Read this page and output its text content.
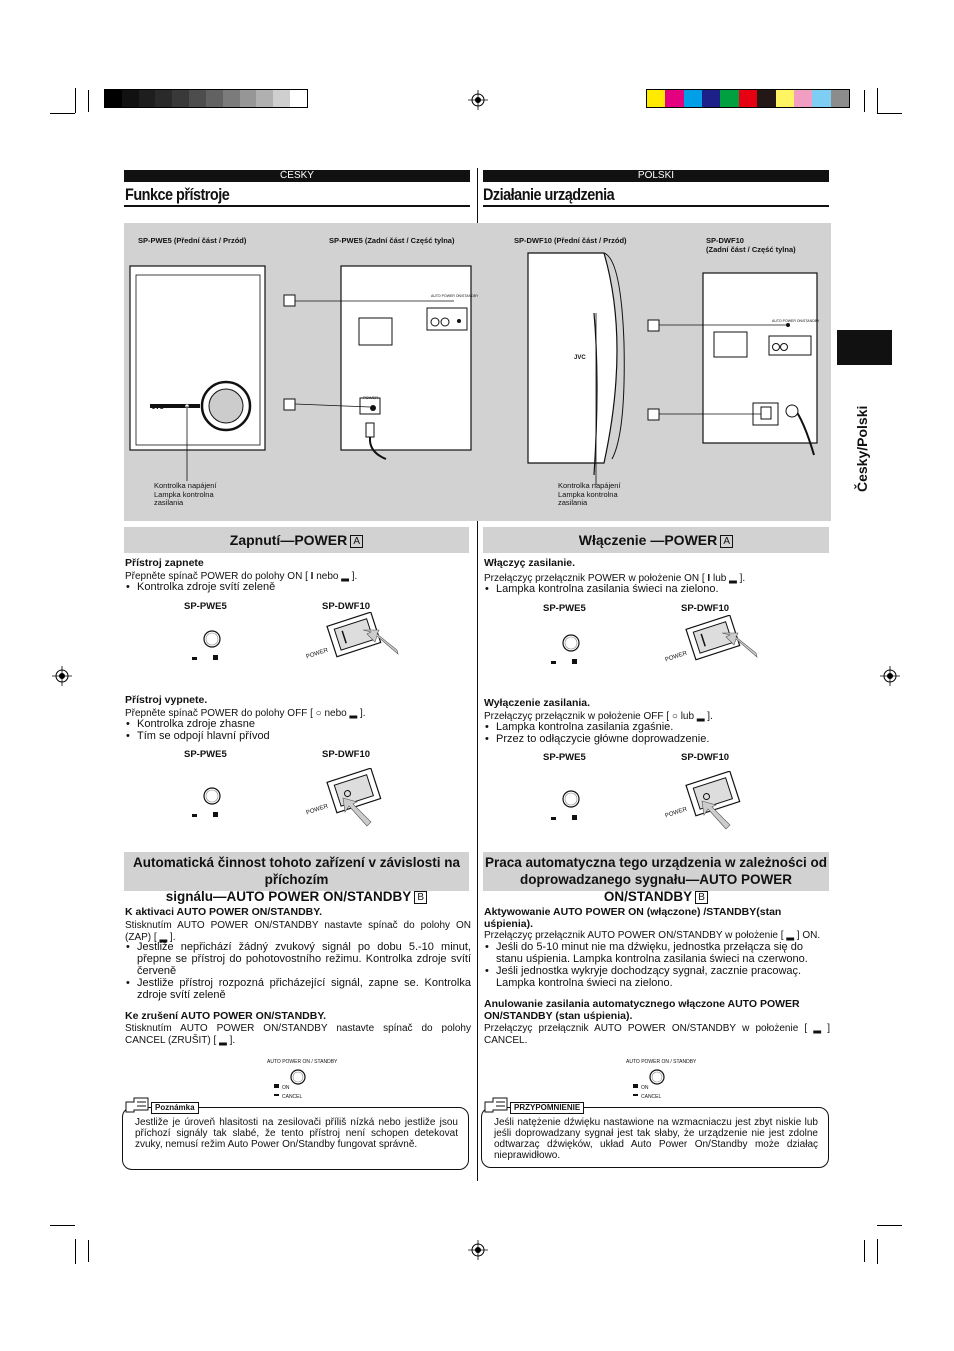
ČESKY	POLSKI
Funkce přístroje	Działanie urządzenia
Česky/Polski
SP-PWE5 (Přední část / Przód)	SP-PWE5 (Zadní část / Część tylna)	SP-DWF10 (Přední část / Przód)	SP-DWF10
(Zadní část / Część tylna)
JVC
JVC
AUTO POWER ON/STANDBY
AUTO POWER ON/STANDBY
POWER
Kontrolka napájení
Lampka kontrolna
zasilania
Kontrolka napájení
Lampka kontrolna
zasilania
Zapnutí—POWER A	Włączenie —POWER A
Přístroj zapnete
Přepněte spínač POWER do polohy ON [ I nebo ▂ ].
• Kontrolka zdroje svítí zeleně
SP-PWE5	SP-DWF10
Włączyç zasilanie.
Przełączyç przełącznik POWER w położenie ON [ I lub ▂ ].
• Lampka kontrolna zasilania świeci na zielono.
SP-PWE5	SP-DWF10
Přístroj vypnete.
Přepněte spínač POWER do polohy OFF [ ○ nebo ▂ ].
• Kontrolka zdroje zhasne
• Tím se odpojí hlavní přívod
SP-PWE5	SP-DWF10
Wyłączenie zasilania.
Przełączyç przełącznik w położenie OFF [ ○ lub ▂ ].
• Lampka kontrolna zasilania zgaśnie.
• Przez to odłączycie główne doprowadzenie.
SP-PWE5	SP-DWF10
POWER
POWER
POWER
POWER
Automatická činnost tohoto zařízení v závislosti na příchozím
signálu—AUTO POWER ON/STANDBY B
Praca automatyczna tego urządzenia w zależności od
doprowadzanego sygnału—AUTO POWER ON/STANDBY B
K aktivaci AUTO POWER ON/STANDBY.
Stisknutím AUTO POWER ON/STANDBY nastavte spínač do polohy ON (ZAP) [ ▂ ].
• Jestliže nepřichází žádný zvukový signál po dobu 5.-10 minut, přepne se přístroj do pohotovostního režimu. Kontrolka zdroje svítí červeně
• Jestliže přístroj rozpozná přicházející signál, zapne se. Kontrolka zdroje svítí zeleně
Ke zrušení AUTO POWER ON/STANDBY.
Stisknutím AUTO POWER ON/STANDBY nastavte spínač do polohy CANCEL (ZRUŠIT) [ ▂ ].
Aktywowanie AUTO POWER ON (włączone) /STANDBY(stan uśpienia).
Przełączyç przełącznik AUTO POWER ON/STANDBY w położenie [ ▂ ] ON.
• Jeśli do 5-10 minut nie ma dźwięku, jednostka przełącza się do stanu uśpienia. Lampka kontrolna zasilania świeci na czerwono.
• Jeśli jednostka wykryje dochodzący sygnał, zacznie pracowaç. Lampka kontrolna świeci na zielono.
Anulowanie zasilania automatycznego włączone AUTO POWER ON/STANDBY (stan uśpienia).
Przełączyç przełącznik AUTO POWER ON/STANDBY w położenie [ ▂ ] CANCEL.
AUTO POWER ON / STANDBY
ON
CANCEL
AUTO POWER ON / STANDBY
ON
CANCEL
Jestliže je úroveň hlasitosti na zesilovači příliš nízká nebo jestliže jsou příchozí signály tak slabé, že tento přístroj není schopen detekovat zvuky, nemusí režim Auto Power On/Standby fungovat správně.
Poznámka
Jeśli natężenie dźwięku nastawione na wzmacniaczu jest zbyt niskie lub jeśli doprowadzany sygnał jest tak słaby, że urządzenie nie jest zdolne odtwarzaç dźwięków, układ Auto Power On/Standby może działaç nieprawidłowo.
PRZYPOMNIENIE
